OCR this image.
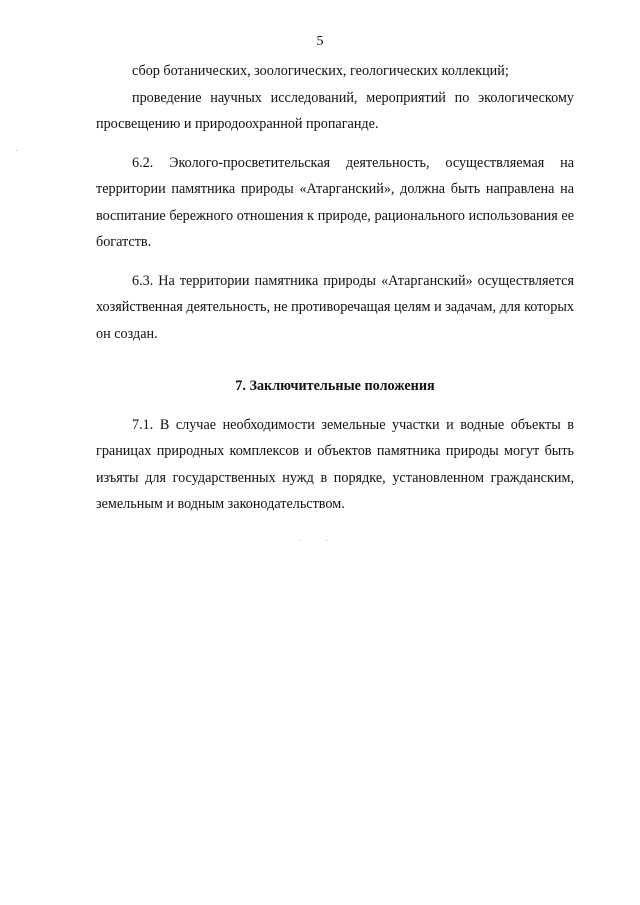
5

сбор ботанических, зоологических, геологических коллекций;

проведение научных исследований, мероприятий по экологическому просвещению и природоохранной пропаганде.

6.2. Эколого-просветительская деятельность, осуществляемая на территории памятника природы «Атарганский», должна быть направлена на воспитание бережного отношения к природе, рационального использования ее богатств.

6.3. На территории памятника природы «Атарганский» осуществляется хозяйственная деятельность, не противоречащая целям и задачам, для которых он создан.

7. Заключительные положения

7.1. В случае необходимости земельные участки и водные объекты в границах природных комплексов и объектов памятника природы могут быть изъяты для государственных нужд в порядке, установленном гражданским, земельным и водным законодательством.
